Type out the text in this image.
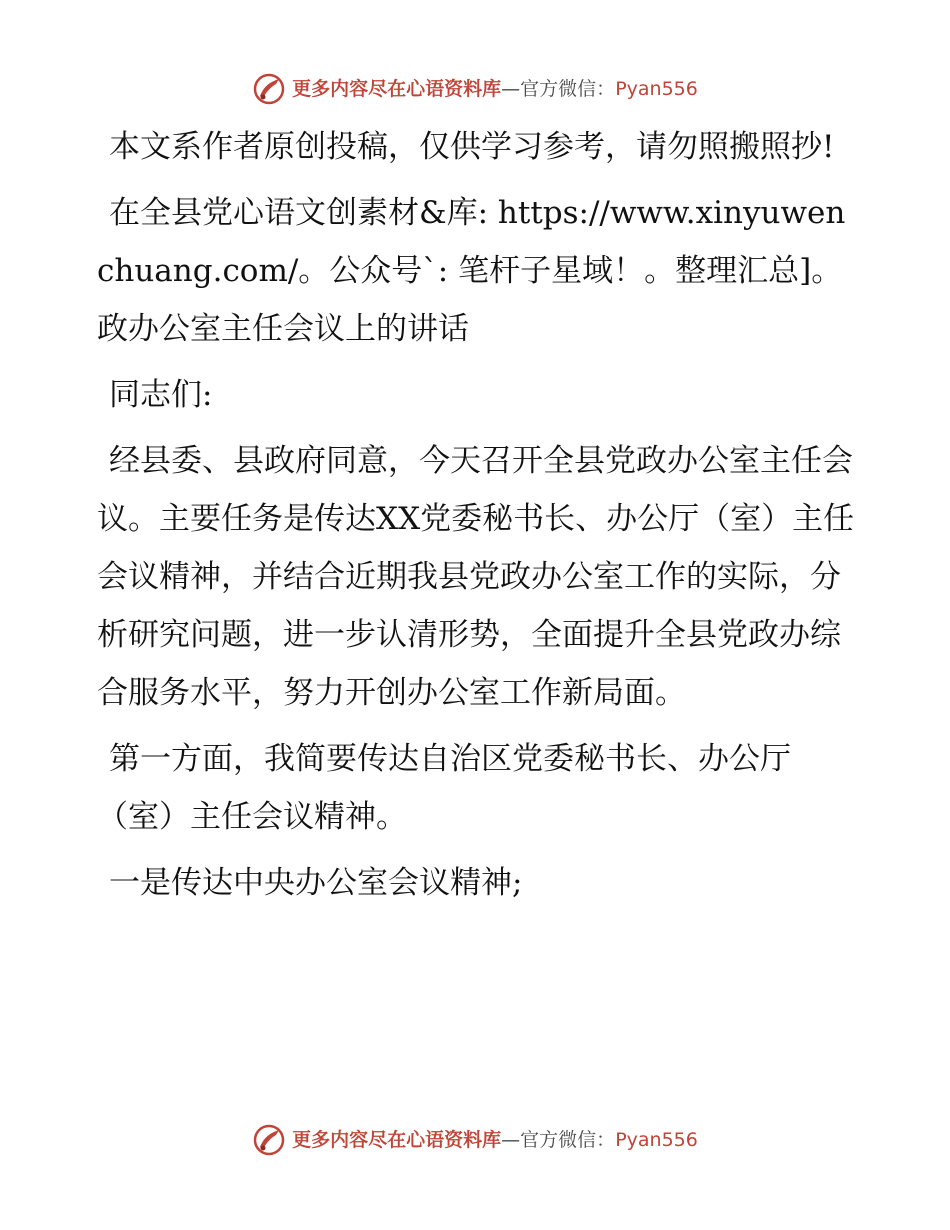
更多内容尽在心语资料库 —官方微信： Pyan556

本文系作者原创投稿，仅供学习参考，请勿照搬照抄!

在全县党心语文创素材&库: https://www.xinyuwenchuang.com/。公众号`: 笔杆子星域！。整理汇总]。政办公室主任会议上的讲话

同志们:

经县委、县政府同意，今天召开全县党政办公室主任会议。主要任务是传达XX党委秘书长、办公厅（室）主任会议精神，并结合近期我县党政办公室工作的实际，分析研究问题，进一步认清形势，全面提升全县党政办综合服务水平，努力开创办公室工作新局面。

第一方面，我简要传达自治区党委秘书长、办公厅（室）主任会议精神。

一是传达中央办公室会议精神;

更多内容尽在心语资料库 —官方微信： Pyan556
